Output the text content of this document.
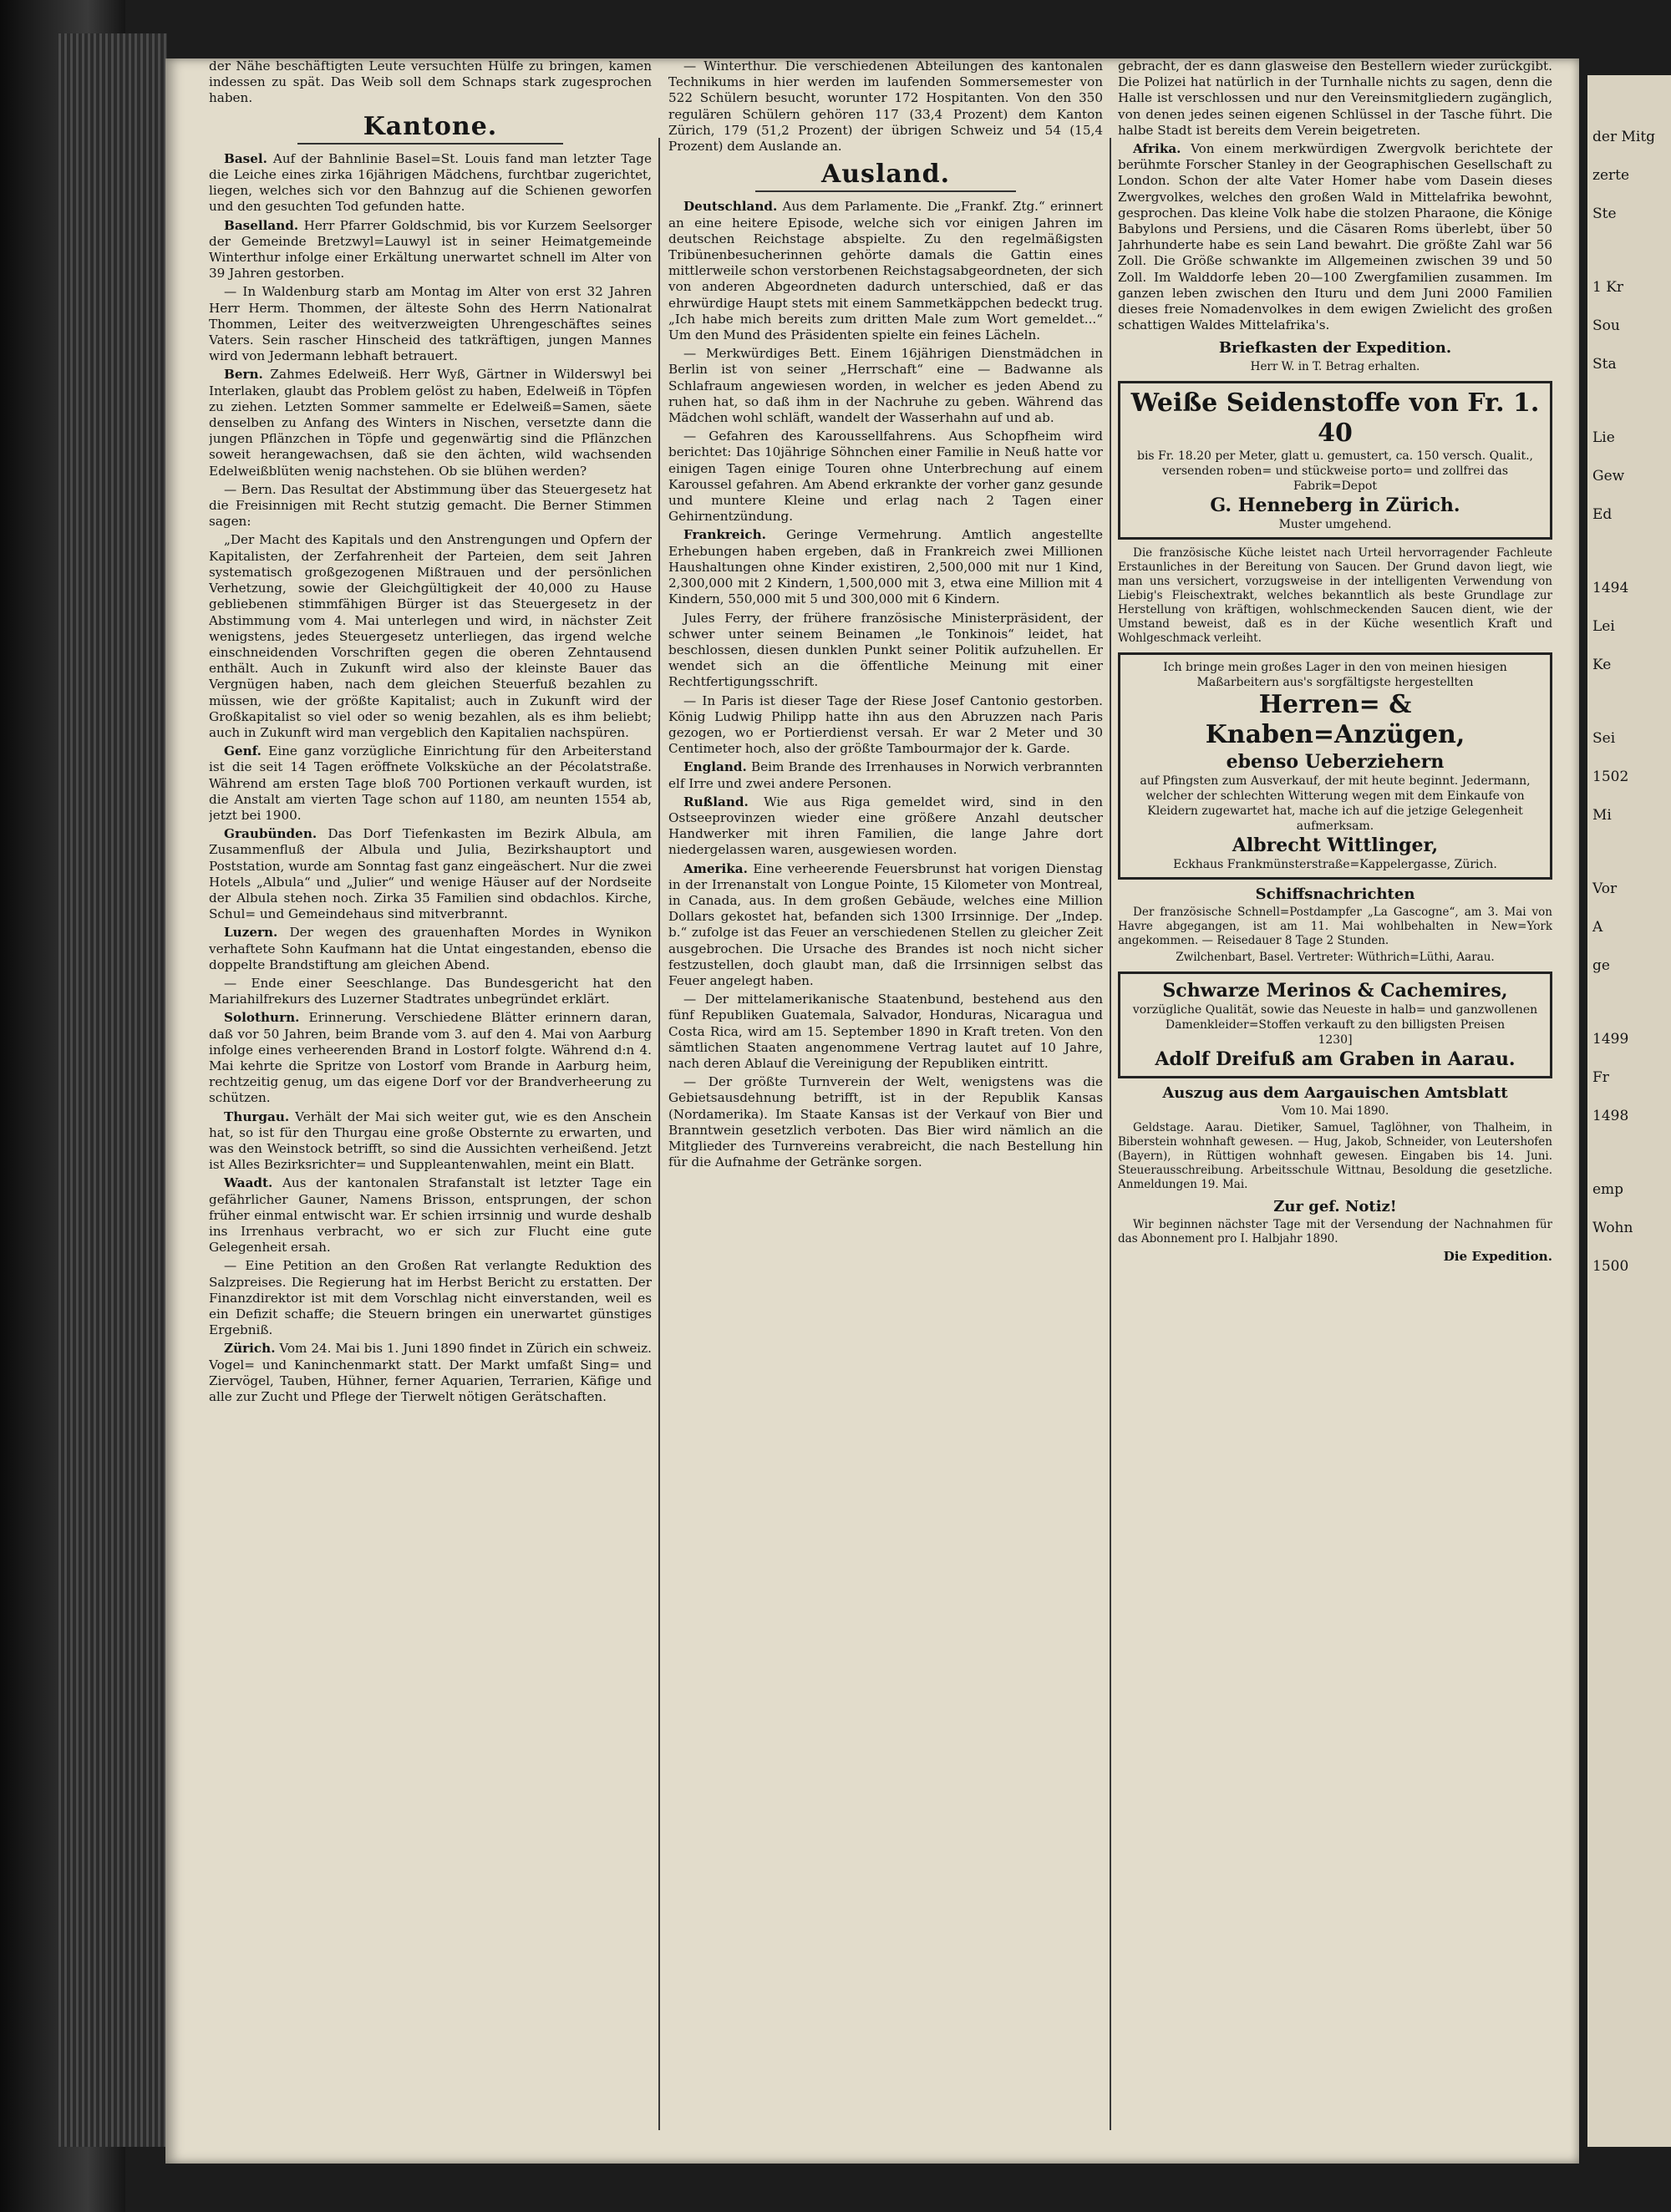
der Nähe beschäftigten Leute versuchten Hülfe zu bringen, kamen indessen zu spät. Das Weib soll dem Schnaps stark zugesprochen haben.

Kantone.

Basel. Auf der Bahnlinie Basel=St. Louis fand man letzter Tage die Leiche eines zirka 16jährigen Mädchens, furchtbar zugerichtet, liegen, welches sich vor den Bahnzug auf die Schienen geworfen und den gesuchten Tod gefunden hatte.

Baselland. Herr Pfarrer Goldschmid, bis vor Kurzem Seelsorger der Gemeinde Bretzwyl=Lauwyl ist in seiner Heimatgemeinde Winterthur infolge einer Erkältung unerwartet schnell im Alter von 39 Jahren gestorben.

— In Waldenburg starb am Montag im Alter von erst 32 Jahren Herr Herm. Thommen, der älteste Sohn des Herrn Nationalrat Thommen, Leiter des weitverzweigten Uhrengeschäftes seines Vaters. Sein rascher Hinscheid des tatkräftigen, jungen Mannes wird von Jedermann lebhaft betrauert.

Bern. Zahmes Edelweiß. Herr Wyß, Gärtner in Wilderswyl bei Interlaken, glaubt das Problem gelöst zu haben, Edelweiß in Töpfen zu ziehen. Letzten Sommer sammelte er Edelweiß=Samen, säete denselben zu Anfang des Winters in Nischen, versetzte dann die jungen Pflänzchen in Töpfe und gegenwärtig sind die Pflänzchen soweit herangewachsen, daß sie den ächten, wild wachsenden Edelweißblüten wenig nachstehen. Ob sie blühen werden?

— Bern. Das Resultat der Abstimmung über das Steuergesetz hat die Freisinnigen mit Recht stutzig gemacht. Die Berner Stimmen sagen:

„Der Macht des Kapitals und den Anstrengungen und Opfern der Kapitalisten, der Zerfahrenheit der Parteien, dem seit Jahren systematisch großgezogenen Mißtrauen und der persönlichen Verhetzung, sowie der Gleichgültigkeit der 40,000 zu Hause gebliebenen stimmfähigen Bürger ist das Steuergesetz in der Abstimmung vom 4. Mai unterlegen und wird, in nächster Zeit wenigstens, jedes Steuergesetz unterliegen, das irgend welche einschneidenden Vorschriften gegen die oberen Zehntausend enthält. Auch in Zukunft wird also der kleinste Bauer das Vergnügen haben, nach dem gleichen Steuerfuß bezahlen zu müssen, wie der größte Kapitalist; auch in Zukunft wird der Großkapitalist so viel oder so wenig bezahlen, als es ihm beliebt; auch in Zukunft wird man vergeblich den Kapitalien nachspüren.

Genf. Eine ganz vorzügliche Einrichtung für den Arbeiterstand ist die seit 14 Tagen eröffnete Volksküche an der Pécolatstraße. Während am ersten Tage bloß 700 Portionen verkauft wurden, ist die Anstalt am vierten Tage schon auf 1180, am neunten 1554 ab, jetzt bei 1900.

Graubünden. Das Dorf Tiefenkasten im Bezirk Albula, am Zusammenfluß der Albula und Julia, Bezirkshauptort und Poststation, wurde am Sonntag fast ganz eingeäschert. Nur die zwei Hotels „Albula“ und „Julier“ und wenige Häuser auf der Nordseite der Albula stehen noch. Zirka 35 Familien sind obdachlos. Kirche, Schul= und Gemeindehaus sind mitverbrannt.

Luzern. Der wegen des grauenhaften Mordes in Wynikon verhaftete Sohn Kaufmann hat die Untat eingestanden, ebenso die doppelte Brandstiftung am gleichen Abend.

— Ende einer Seeschlange. Das Bundesgericht hat den Mariahilfrekurs des Luzerner Stadtrates unbegründet erklärt.

Solothurn. Erinnerung. Verschiedene Blätter erinnern daran, daß vor 50 Jahren, beim Brande vom 3. auf den 4. Mai von Aarburg infolge eines verheerenden Brand in Lostorf folgte. Während d:n 4. Mai kehrte die Spritze von Lostorf vom Brande in Aarburg heim, rechtzeitig genug, um das eigene Dorf vor der Brandverheerung zu schützen.

Thurgau. Verhält der Mai sich weiter gut, wie es den Anschein hat, so ist für den Thurgau eine große Obsternte zu erwarten, und was den Weinstock betrifft, so sind die Aussichten verheißend. Jetzt ist Alles Bezirksrichter= und Suppleantenwahlen, meint ein Blatt.

Waadt. Aus der kantonalen Strafanstalt ist letzter Tage ein gefährlicher Gauner, Namens Brisson, entsprungen, der schon früher einmal entwischt war. Er schien irrsinnig und wurde deshalb ins Irrenhaus verbracht, wo er sich zur Flucht eine gute Gelegenheit ersah.

— Eine Petition an den Großen Rat verlangte Reduktion des Salzpreises. Die Regierung hat im Herbst Bericht zu erstatten. Der Finanzdirektor ist mit dem Vorschlag nicht einverstanden, weil es ein Defizit schaffe; die Steuern bringen ein unerwartet günstiges Ergebniß.

Zürich. Vom 24. Mai bis 1. Juni 1890 findet in Zürich ein schweiz. Vogel= und Kaninchenmarkt statt. Der Markt umfaßt Sing= und Ziervögel, Tauben, Hühner, ferner Aquarien, Terrarien, Käfige und alle zur Zucht und Pflege der Tierwelt nötigen Gerätschaften.

— Winterthur. Die verschiedenen Abteilungen des kantonalen Technikums in hier werden im laufenden Sommersemester von 522 Schülern besucht, worunter 172 Hospitanten. Von den 350 regulären Schülern gehören 117 (33,4 Prozent) dem Kanton Zürich, 179 (51,2 Prozent) der übrigen Schweiz und 54 (15,4 Prozent) dem Auslande an.

Ausland.

Deutschland. Aus dem Parlamente. Die „Frankf. Ztg.“ erinnert an eine heitere Episode, welche sich vor einigen Jahren im deutschen Reichstage abspielte. Zu den regelmäßigsten Tribünenbesucherinnen gehörte damals die Gattin eines mittlerweile schon verstorbenen Reichstagsabgeordneten, der sich von anderen Abgeordneten dadurch unterschied, daß er das ehrwürdige Haupt stets mit einem Sammetkäppchen bedeckt trug. „Ich habe mich bereits zum dritten Male zum Wort gemeldet...“ Um den Mund des Präsidenten spielte ein feines Lächeln.

— Merkwürdiges Bett. Einem 16jährigen Dienstmädchen in Berlin ist von seiner „Herrschaft“ eine — Badwanne als Schlafraum angewiesen worden, in welcher es jeden Abend zu ruhen hat, so daß ihm in der Nachruhe zu geben. Während das Mädchen wohl schläft, wandelt der Wasserhahn auf und ab.

— Gefahren des Karoussellfahrens. Aus Schopfheim wird berichtet: Das 10jährige Söhnchen einer Familie in Neuß hatte vor einigen Tagen einige Touren ohne Unterbrechung auf einem Karoussel gefahren. Am Abend erkrankte der vorher ganz gesunde und muntere Kleine und erlag nach 2 Tagen einer Gehirnentzündung.

Frankreich. Geringe Vermehrung. Amtlich angestellte Erhebungen haben ergeben, daß in Frankreich zwei Millionen Haushaltungen ohne Kinder existiren, 2,500,000 mit nur 1 Kind, 2,300,000 mit 2 Kindern, 1,500,000 mit 3, etwa eine Million mit 4 Kindern, 550,000 mit 5 und 300,000 mit 6 Kindern.

Jules Ferry, der frühere französische Ministerpräsident, der schwer unter seinem Beinamen „le Tonkinois“ leidet, hat beschlossen, diesen dunklen Punkt seiner Politik aufzuhellen. Er wendet sich an die öffentliche Meinung mit einer Rechtfertigungsschrift.

— In Paris ist dieser Tage der Riese Josef Cantonio gestorben. König Ludwig Philipp hatte ihn aus den Abruzzen nach Paris gezogen, wo er Portierdienst versah. Er war 2 Meter und 30 Centimeter hoch, also der größte Tambourmajor der k. Garde.

England. Beim Brande des Irrenhauses in Norwich verbrannten elf Irre und zwei andere Personen.

Rußland. Wie aus Riga gemeldet wird, sind in den Ostseeprovinzen wieder eine größere Anzahl deutscher Handwerker mit ihren Familien, die lange Jahre dort niedergelassen waren, ausgewiesen worden.

Amerika. Eine verheerende Feuersbrunst hat vorigen Dienstag in der Irrenanstalt von Longue Pointe, 15 Kilometer von Montreal, in Canada, aus. In dem großen Gebäude, welches eine Million Dollars gekostet hat, befanden sich 1300 Irrsinnige. Der „Indep. b.“ zufolge ist das Feuer an verschiedenen Stellen zu gleicher Zeit ausgebrochen. Die Ursache des Brandes ist noch nicht sicher festzustellen, doch glaubt man, daß die Irrsinnigen selbst das Feuer angelegt haben.

— Der mittelamerikanische Staatenbund, bestehend aus den fünf Republiken Guatemala, Salvador, Honduras, Nicaragua und Costa Rica, wird am 15. September 1890 in Kraft treten. Von den sämtlichen Staaten angenommene Vertrag lautet auf 10 Jahre, nach deren Ablauf die Vereinigung der Republiken eintritt.

— Der größte Turnverein der Welt, wenigstens was die Gebietsausdehnung betrifft, ist in der Republik Kansas (Nordamerika). Im Staate Kansas ist der Verkauf von Bier und Branntwein gesetzlich verboten. Das Bier wird nämlich an die Mitglieder des Turnvereins verabreicht, die nach Bestellung hin für die Aufnahme der Getränke sorgen.

gebracht, der es dann glasweise den Bestellern wieder zurückgibt. Die Polizei hat natürlich in der Turnhalle nichts zu sagen, denn die Halle ist verschlossen und nur den Vereinsmitgliedern zugänglich, von denen jedes seinen eigenen Schlüssel in der Tasche führt. Die halbe Stadt ist bereits dem Verein beigetreten.

Afrika. Von einem merkwürdigen Zwergvolk berichtete der berühmte Forscher Stanley in der Geographischen Gesellschaft zu London. Schon der alte Vater Homer habe vom Dasein dieses Zwergvolkes, welches den großen Wald in Mittelafrika bewohnt, gesprochen. Das kleine Volk habe die stolzen Pharaone, die Könige Babylons und Persiens, und die Cäsaren Roms überlebt, über 50 Jahrhunderte habe es sein Land bewahrt. Die größte Zahl war 56 Zoll. Die Größe schwankte im Allgemeinen zwischen 39 und 50 Zoll. Im Walddorfe leben 20—100 Zwergfamilien zusammen. Im ganzen leben zwischen den Ituru und dem Juni 2000 Familien dieses freie Nomadenvolkes in dem ewigen Zwielicht des großen schattigen Waldes Mittelafrika's.

Briefkasten der Expedition.

Herr W. in T. Betrag erhalten.

Weiße Seidenstoffe von Fr. 1. 40
bis Fr. 18.20 per Meter, glatt u. gemustert, ca. 150 versch. Qualit., versenden roben= und stückweise porto= und zollfrei das Fabrik=Depot
G. Henneberg in Zürich.
Muster umgehend.

Die französische Küche leistet nach Urteil hervorragender Fachleute Erstaunliches in der Bereitung von Saucen. Der Grund davon liegt, wie man uns versichert, vorzugsweise in der intelligenten Verwendung von Liebig's Fleischextrakt, welches bekanntlich als beste Grundlage zur Herstellung von kräftigen, wohlschmeckenden Saucen dient, wie der Umstand beweist, daß es in der Küche wesentlich Kraft und Wohlgeschmack verleiht.

Ich bringe mein großes Lager in den von meinen hiesigen Maßarbeitern aus's sorgfältigste hergestellten
Herren= & Knaben=Anzügen,
ebenso Ueberziehern
auf Pfingsten zum Ausverkauf, der mit heute beginnt. Jedermann, welcher der schlechten Witterung wegen mit dem Einkaufe von Kleidern zugewartet hat, mache ich auf die jetzige Gelegenheit aufmerksam.
Albrecht Wittlinger,
Eckhaus Frankmünsterstraße=Kappelergasse, Zürich.
Schiffsnachrichten

Der französische Schnell=Postdampfer „La Gascogne“, am 3. Mai von Havre abgegangen, ist am 11. Mai wohlbehalten in New=York angekommen. — Reisedauer 8 Tage 2 Stunden.

Zwilchenbart, Basel. Vertreter: Wüthrich=Lüthi, Aarau.

Schwarze Merinos & Cachemires,
vorzügliche Qualität, sowie das Neueste in halb= und ganzwollenen Damenkleider=Stoffen verkauft zu den billigsten Preisen
1230]
Adolf Dreifuß am Graben in Aarau.
Auszug aus dem Aargauischen Amtsblatt

Vom 10. Mai 1890.

Geldstage. Aarau. Dietiker, Samuel, Taglöhner, von Thalheim, in Biberstein wohnhaft gewesen. — Hug, Jakob, Schneider, von Leutershofen (Bayern), in Rüttigen wohnhaft gewesen. Eingaben bis 14. Juni. Steuerausschreibung. Arbeitsschule Wittnau, Besoldung die gesetzliche. Anmeldungen 19. Mai.

Zur gef. Notiz!

Wir beginnen nächster Tage mit der Versendung der Nachnahmen für das Abonnement pro I. Halbjahr 1890.

Die Expedition.

der Mitg
zerte
Ste
1 Kr
Sou
Sta
Lie
Gew
Ed
1494
Lei
Ke
Sei
1502
Mi
Vor
A
ge
1499
Fr
1498
emp
Wohn
1500
